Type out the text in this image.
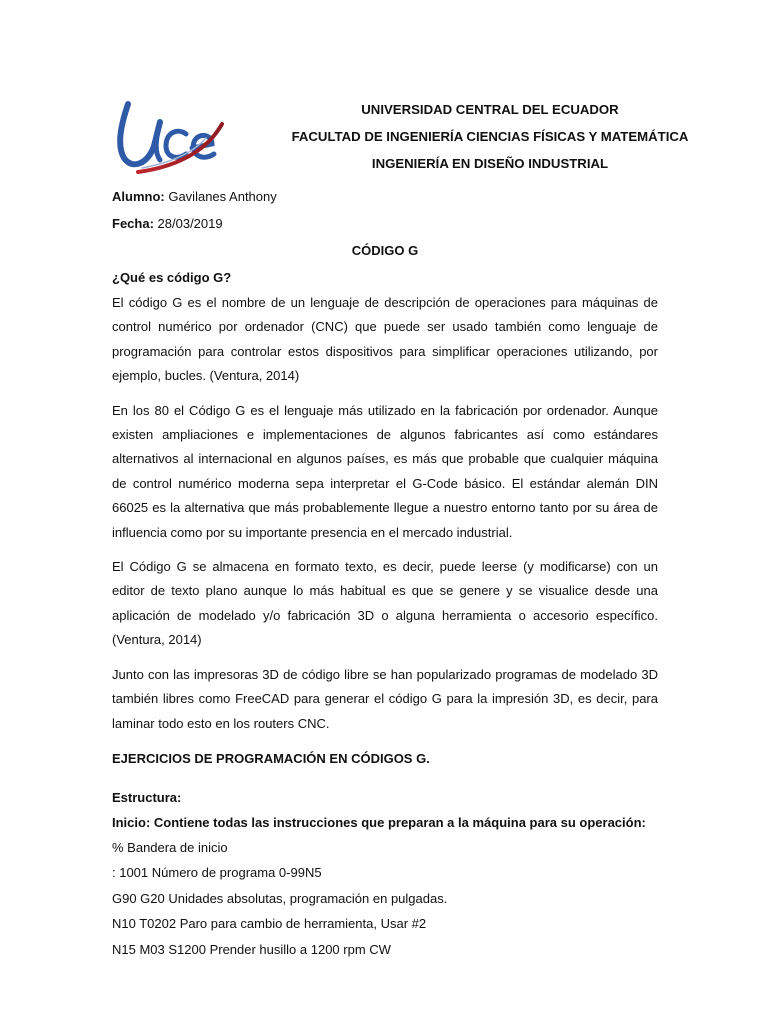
UNIVERSIDAD CENTRAL DEL ECUADOR
FACULTAD DE INGENIERÍA CIENCIAS FÍSICAS Y MATEMÁTICA
INGENIERÍA EN DISEÑO INDUSTRIAL
Alumno: Gavilanes Anthony
Fecha: 28/03/2019
CÓDIGO G
¿Qué es código G?

El código G es el nombre de un lenguaje de descripción de operaciones para máquinas de control numérico por ordenador (CNC) que puede ser usado también como lenguaje de programación para controlar estos dispositivos para simplificar operaciones utilizando, por ejemplo, bucles. (Ventura, 2014)

En los 80 el Código G es el lenguaje más utilizado en la fabricación por ordenador. Aunque existen ampliaciones e implementaciones de algunos fabricantes así como estándares alternativos al internacional en algunos países, es más que probable que cualquier máquina de control numérico moderna sepa interpretar el G-Code básico. El estándar alemán DIN 66025 es la alternativa que más probablemente llegue a nuestro entorno tanto por su área de influencia como por su importante presencia en el mercado industrial.

El Código G se almacena en formato texto, es decir, puede leerse (y modificarse) con un editor de texto plano aunque lo más habitual es que se genere y se visualice desde una aplicación de modelado y/o fabricación 3D o alguna herramienta o accesorio específico. (Ventura, 2014)

Junto con las impresoras 3D de código libre se han popularizado programas de modelado 3D también libres como FreeCAD para generar el código G para la impresión 3D, es decir, para laminar todo esto en los routers CNC.

EJERCICIOS DE PROGRAMACIÓN EN CÓDIGOS G.
Estructura:
Inicio: Contiene todas las instrucciones que preparan a la máquina para su operación:
% Bandera de inicio
: 1001 Número de programa 0-99N5
G90 G20 Unidades absolutas, programación en pulgadas.
N10 T0202 Paro para cambio de herramienta, Usar #2
N15 M03 S1200 Prender husillo a 1200 rpm CW
